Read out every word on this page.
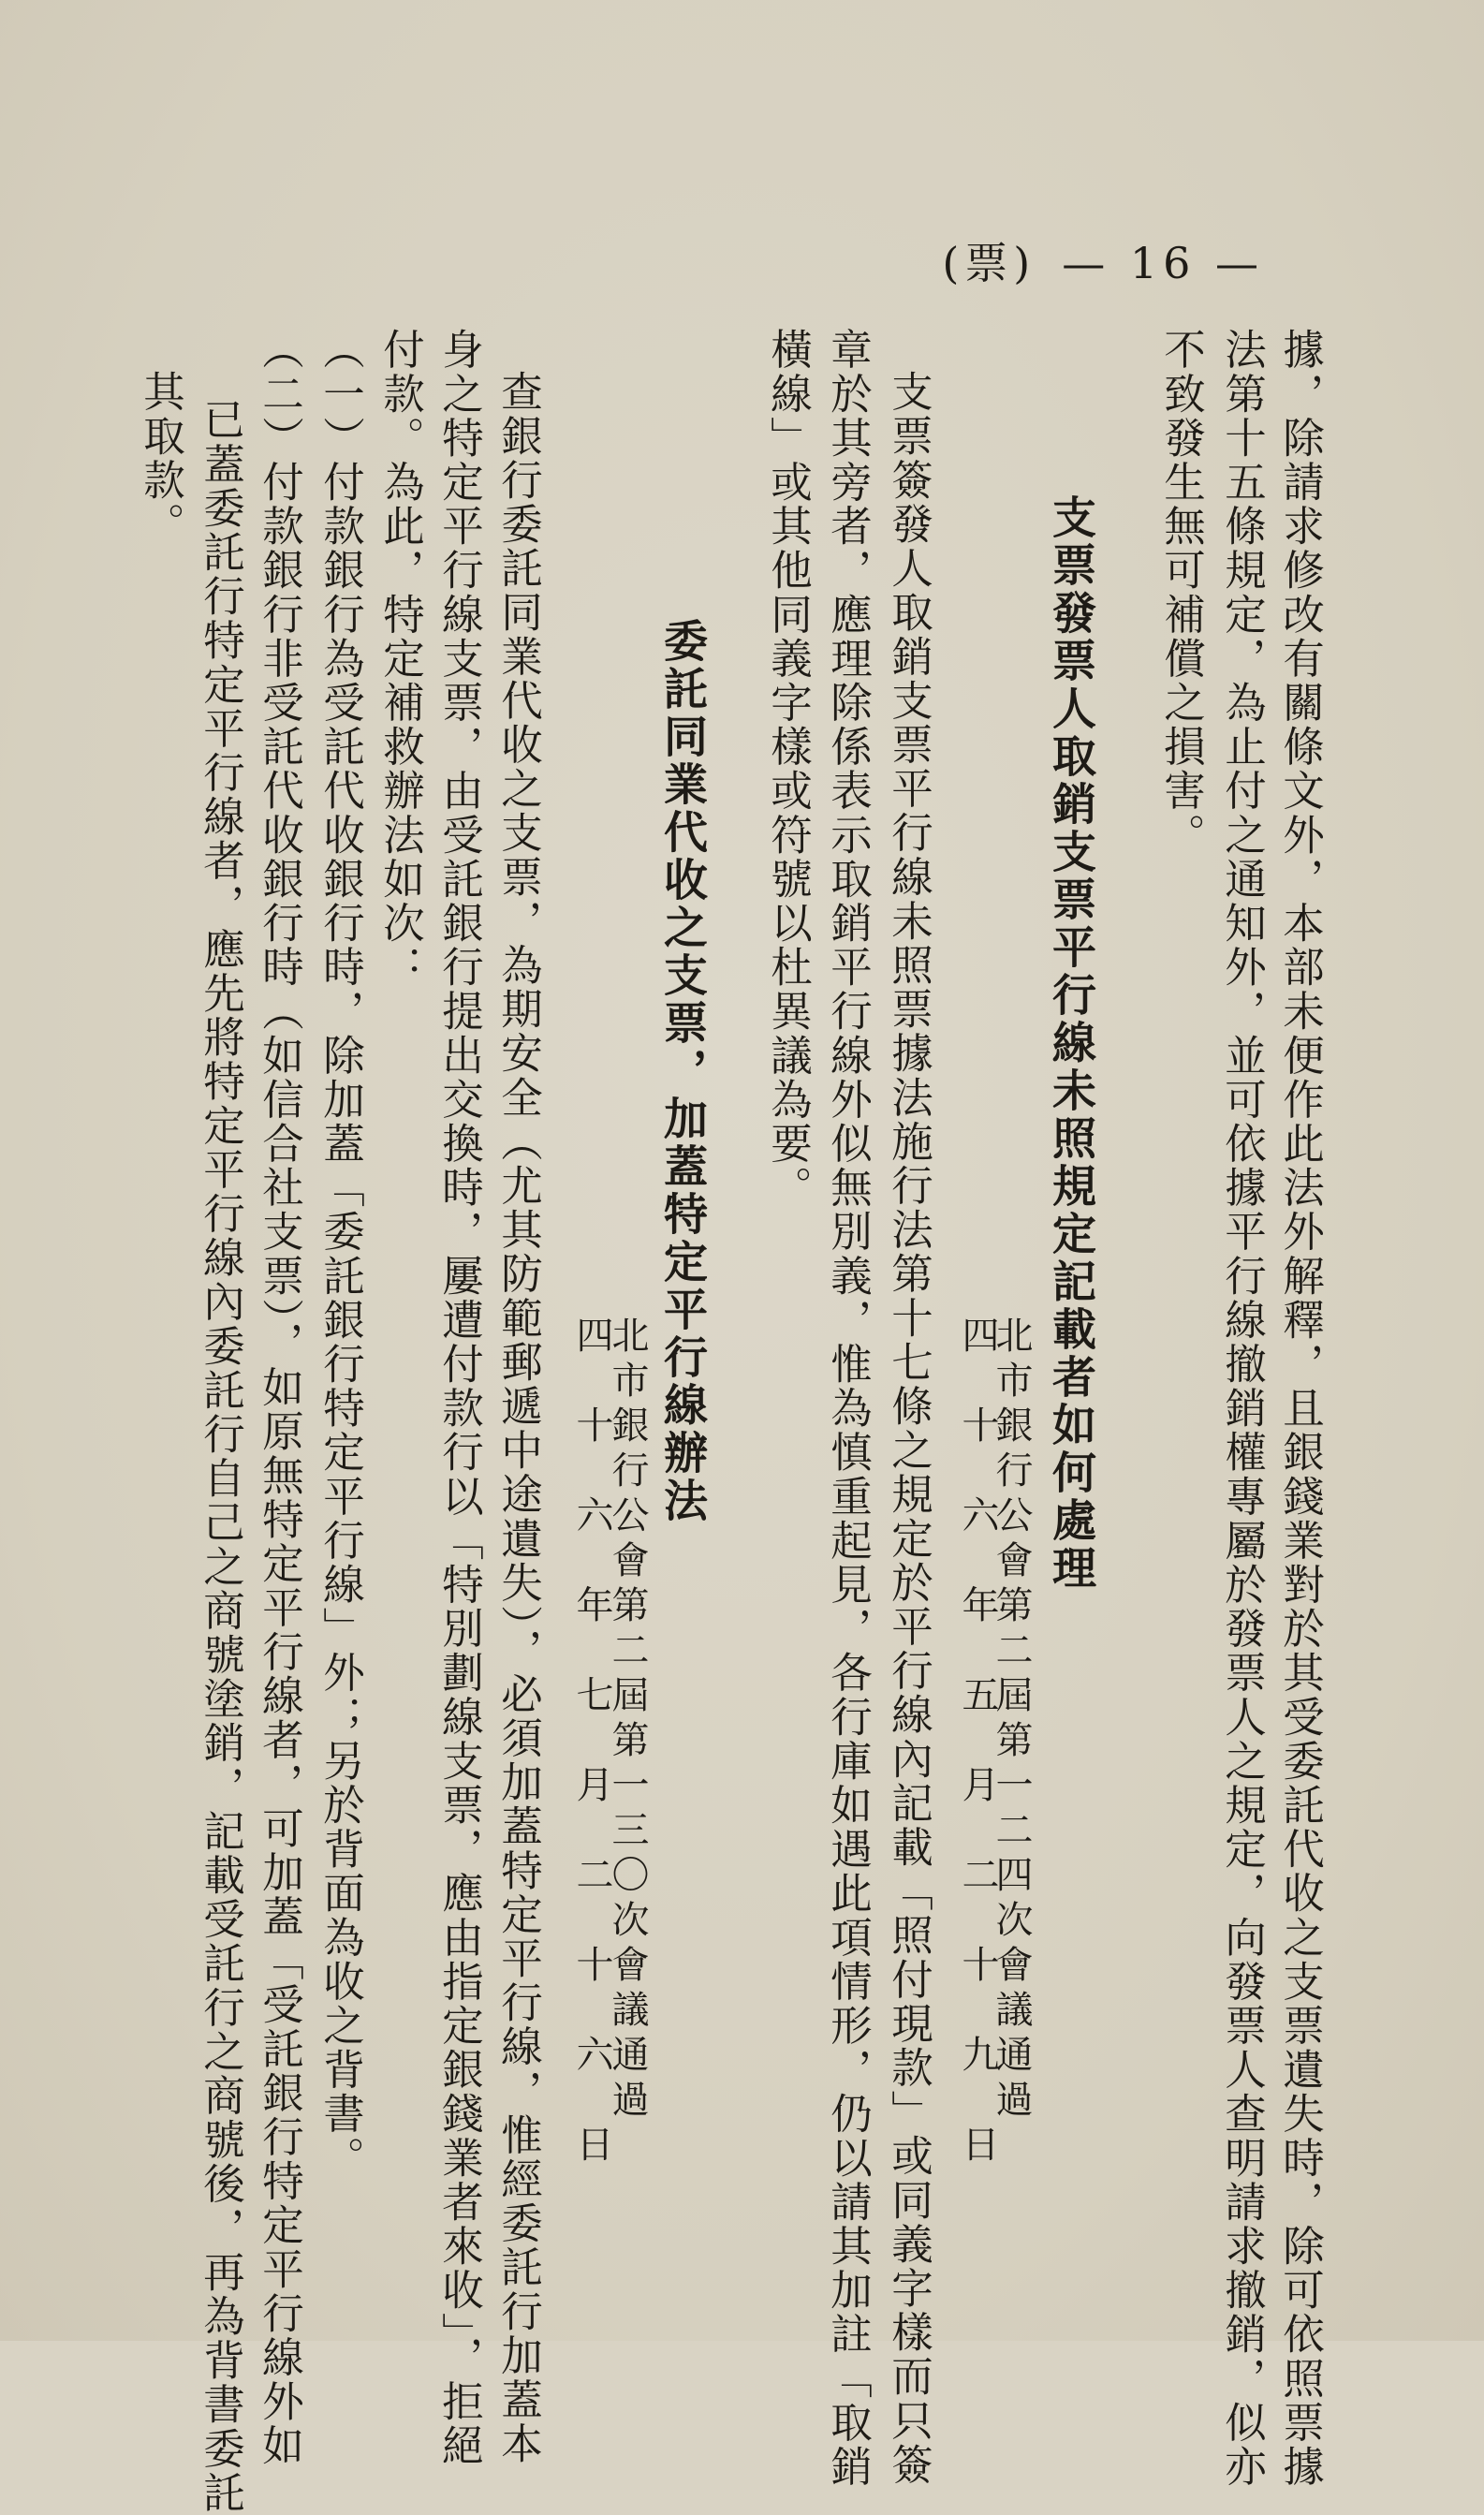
(票) — 16 —
據，除請求修改有關條文外，本部未便作此法外解釋，且銀錢業對於其受委託代收之支票遺失時，除可依照票據
法第十五條規定，為止付之通知外，並可依據平行線撤銷權專屬於發票人之規定，向發票人查明請求撤銷，似亦
不致發生無可補償之損害。
支票發票人取銷支票平行線未照規定記載者如何處理
北市銀行公會第二屆第一二四次會議通過
四　十　六　年　五　月　二　十　九　日
支票簽發人取銷支票平行線未照票據法施行法第十七條之規定於平行線內記載「照付現款」或同義字樣而只簽
章於其旁者，應理除係表示取銷平行線外似無別義，惟為慎重起見，各行庫如遇此項情形，仍以請其加註「取銷
橫線」或其他同義字樣或符號以杜異議為要。
委託同業代收之支票，加蓋特定平行線辦法
北市銀行公會第二屆第一三〇次會議通過
四　十　六　年　七　月　二　十　六　日
查銀行委託同業代收之支票，為期安全（尤其防範郵遞中途遺失），必須加蓋特定平行線，惟經委託行加蓋本
身之特定平行線支票，由受託銀行提出交換時，屢遭付款行以「特別劃線支票，應由指定銀錢業者來收」，拒絕
付款。為此，特定補救辦法如次：
（一）付款銀行為受託代收銀行時，除加蓋「委託銀行特定平行線」外；另於背面為收之背書。
（二）付款銀行非受託代收銀行時（如信合社支票），如原無特定平行線者，可加蓋「受託銀行特定平行線外如
已蓋委託行特定平行線者，應先將特定平行線內委託行自己之商號塗銷，記載受託行之商號後，再為背書委託
其取款。
